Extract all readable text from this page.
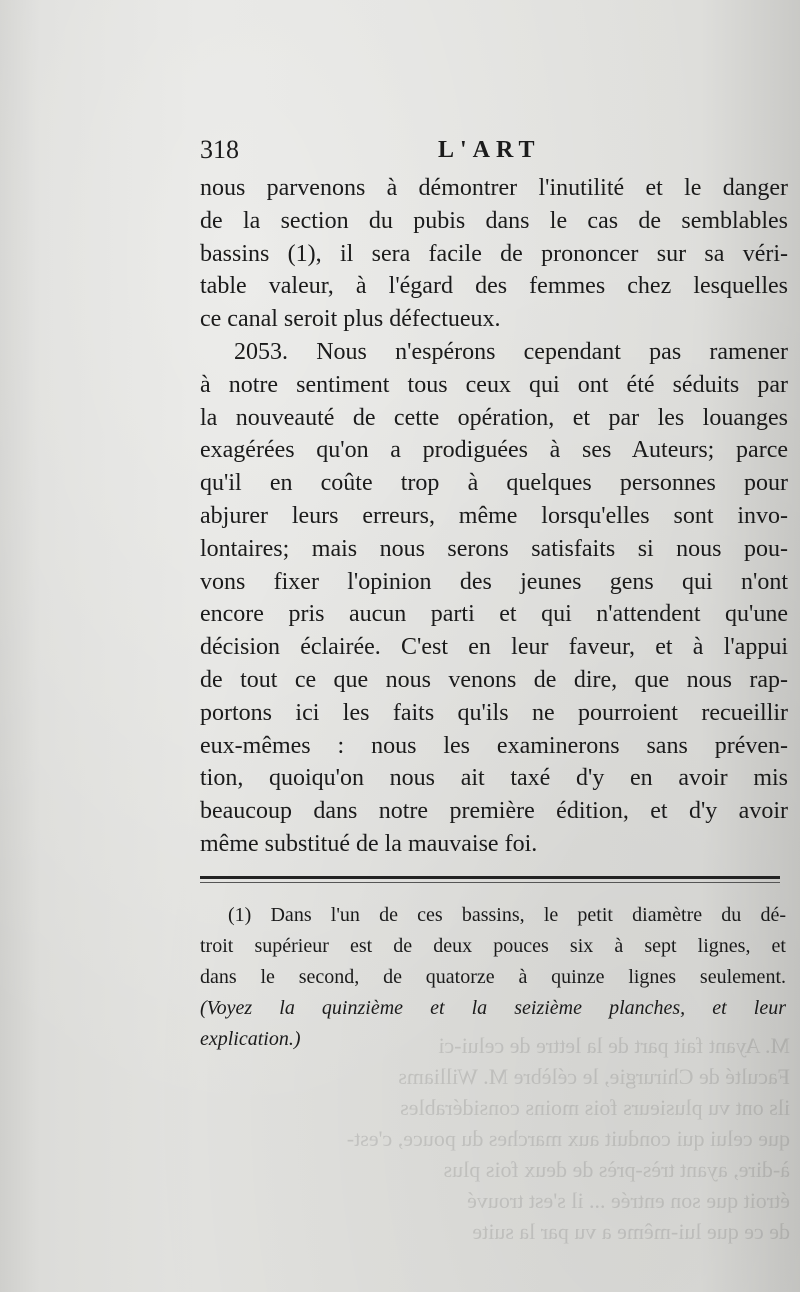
M. Ayant fait part de la lettre de celui-ci
Faculté de Chirurgie, le célèbre M. Williams
ils ont vu plusieurs fois moins considérables
que celui qui conduit aux marches du pouce, c'est-
à-dire, ayant très-près de deux fois plus
étroit que son entrée ... il s'est trouvé
de ce que lui-même a vu par la suite
318	L'ART
nous parvenons à démontrer l'inutilité et le danger
de la section du pubis dans le cas de semblables
bassins (1), il sera facile de prononcer sur sa véri-
table valeur, à l'égard des femmes chez lesquelles
ce canal seroit plus défectueux.
2053. Nous n'espérons cependant pas ramener
à notre sentiment tous ceux qui ont été séduits par
la nouveauté de cette opération, et par les louanges
exagérées qu'on a prodiguées à ses Auteurs; parce
qu'il en coûte trop à quelques personnes pour
abjurer leurs erreurs, même lorsqu'elles sont invo-
lontaires; mais nous serons satisfaits si nous pou-
vons fixer l'opinion des jeunes gens qui n'ont
encore pris aucun parti et qui n'attendent qu'une
décision éclairée. C'est en leur faveur, et à l'appui
de tout ce que nous venons de dire, que nous rap-
portons ici les faits qu'ils ne pourroient recueillir
eux-mêmes : nous les examinerons sans préven-
tion, quoiqu'on nous ait taxé d'y en avoir mis
beaucoup dans notre première édition, et d'y avoir
même substitué de la mauvaise foi.
(1) Dans l'un de ces bassins, le petit diamètre du dé-
troit supérieur est de deux pouces six à sept lignes, et
dans le second, de quatorze à quinze lignes seulement.
(Voyez la quinzième et la seizième planches, et leur
explication.)
